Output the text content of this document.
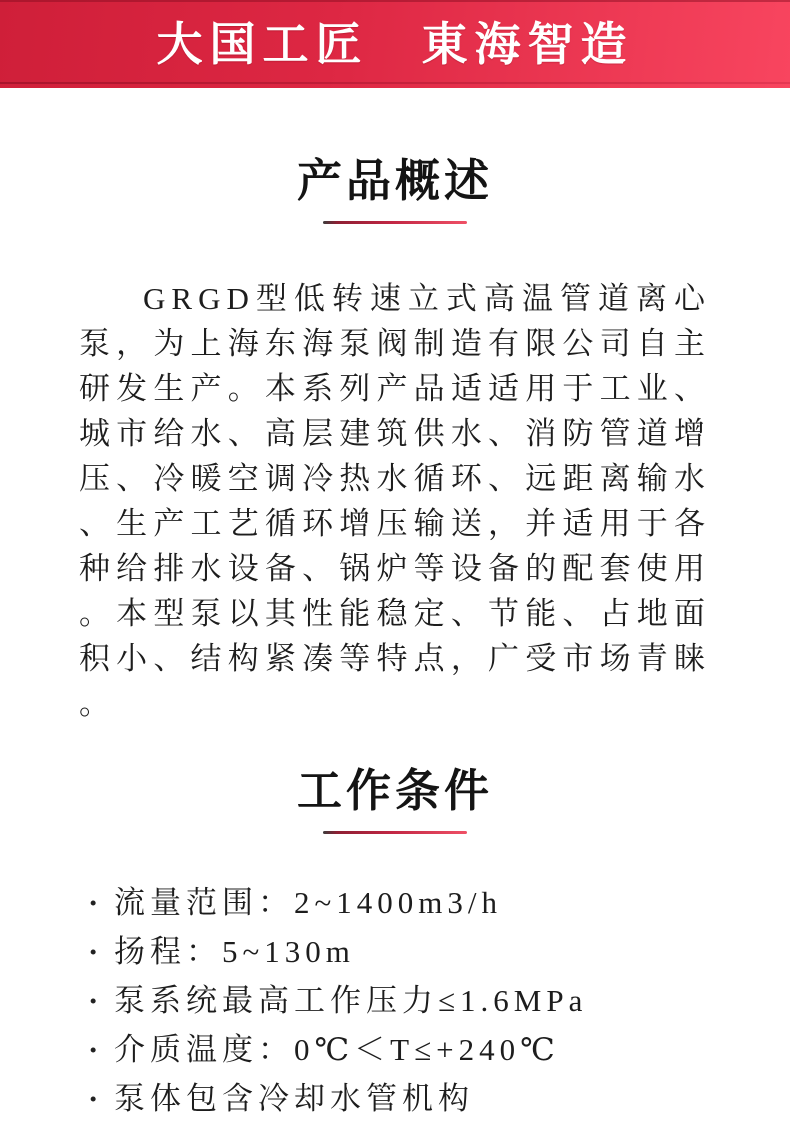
大国工匠　東海智造
产品概述

GRGD型低转速立式高温管道离心泵，为上海东海泵阀制造有限公司自主研发生产。本系列产品适适用于工业、城市给水、高层建筑供水、消防管道增压、冷暖空调冷热水循环、远距离输水、生产工艺循环增压输送，并适用于各种给排水设备、锅炉等设备的配套使用。本型泵以其性能稳定、节能、占地面积小、结构紧凑等特点，广受市场青睐。

工作条件
· 流量范围：2~1400m3/h
· 扬程：5~130m
· 泵系统最高工作压力≤1.6MPa
· 介质温度：0℃＜T≤+240℃
· 泵体包含冷却水管机构
